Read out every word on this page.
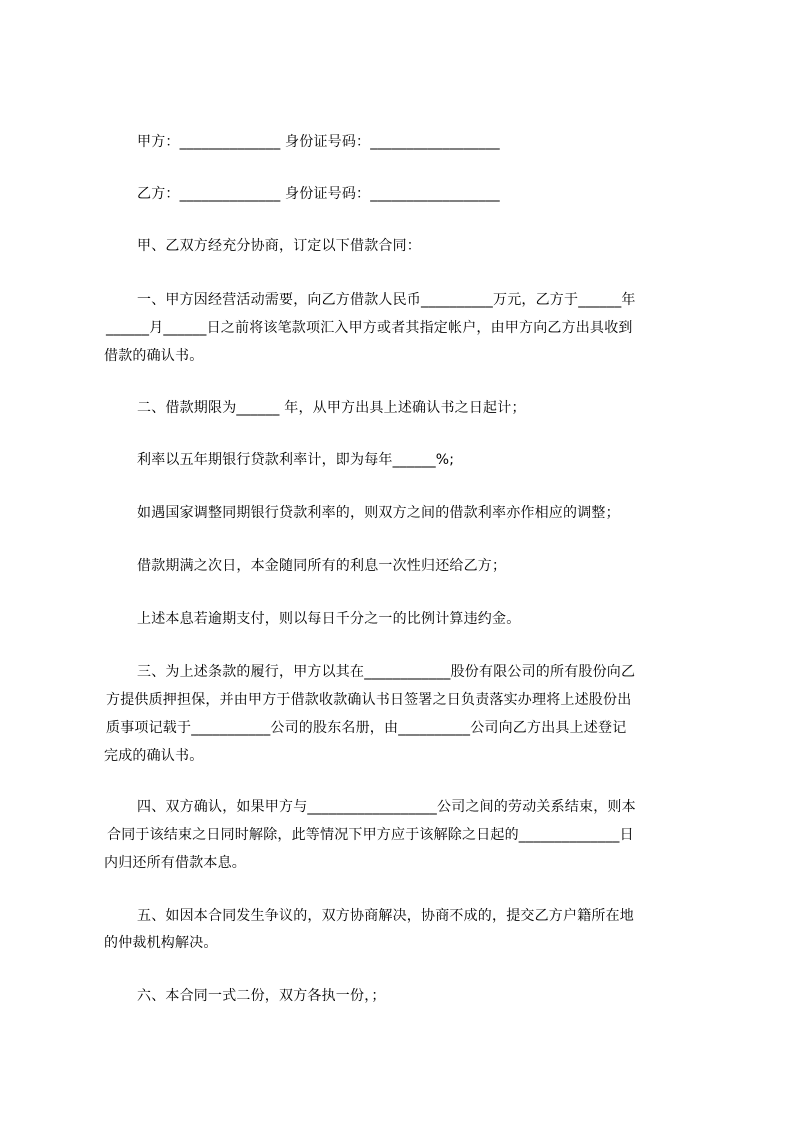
甲方：______________ 身份证号码：__________________

乙方：______________ 身份证号码：__________________

甲、乙双方经充分协商，订定以下借款合同：

一、甲方因经营活动需要，向乙方借款人民币__________万元，乙方于______年

______月______日之前将该笔款项汇入甲方或者其指定帐户，由甲方向乙方出具收到

借款的确认书。

二、借款期限为______ 年，从甲方出具上述确认书之日起计；

利率以五年期银行贷款利率计，即为每年______%;

如遇国家调整同期银行贷款利率的，则双方之间的借款利率亦作相应的调整；

借款期满之次日，本金随同所有的利息一次性归还给乙方；

上述本息若逾期支付，则以每日千分之一的比例计算违约金。

三、为上述条款的履行，甲方以其在____________股份有限公司的所有股份向乙

方提供质押担保，并由甲方于借款收款确认书日签署之日负责落实办理将上述股份出

质事项记载于___________公司的股东名册，由__________公司向乙方出具上述登记

完成的确认书。

四、双方确认，如果甲方与__________________公司之间的劳动关系结束，则本

合同于该结束之日同时解除，此等情况下甲方应于该解除之日起的______________日

内归还所有借款本息。

五、如因本合同发生争议的，双方协商解决，协商不成的，提交乙方户籍所在地

的仲裁机构解决。

六、本合同一式二份，双方各执一份，；
